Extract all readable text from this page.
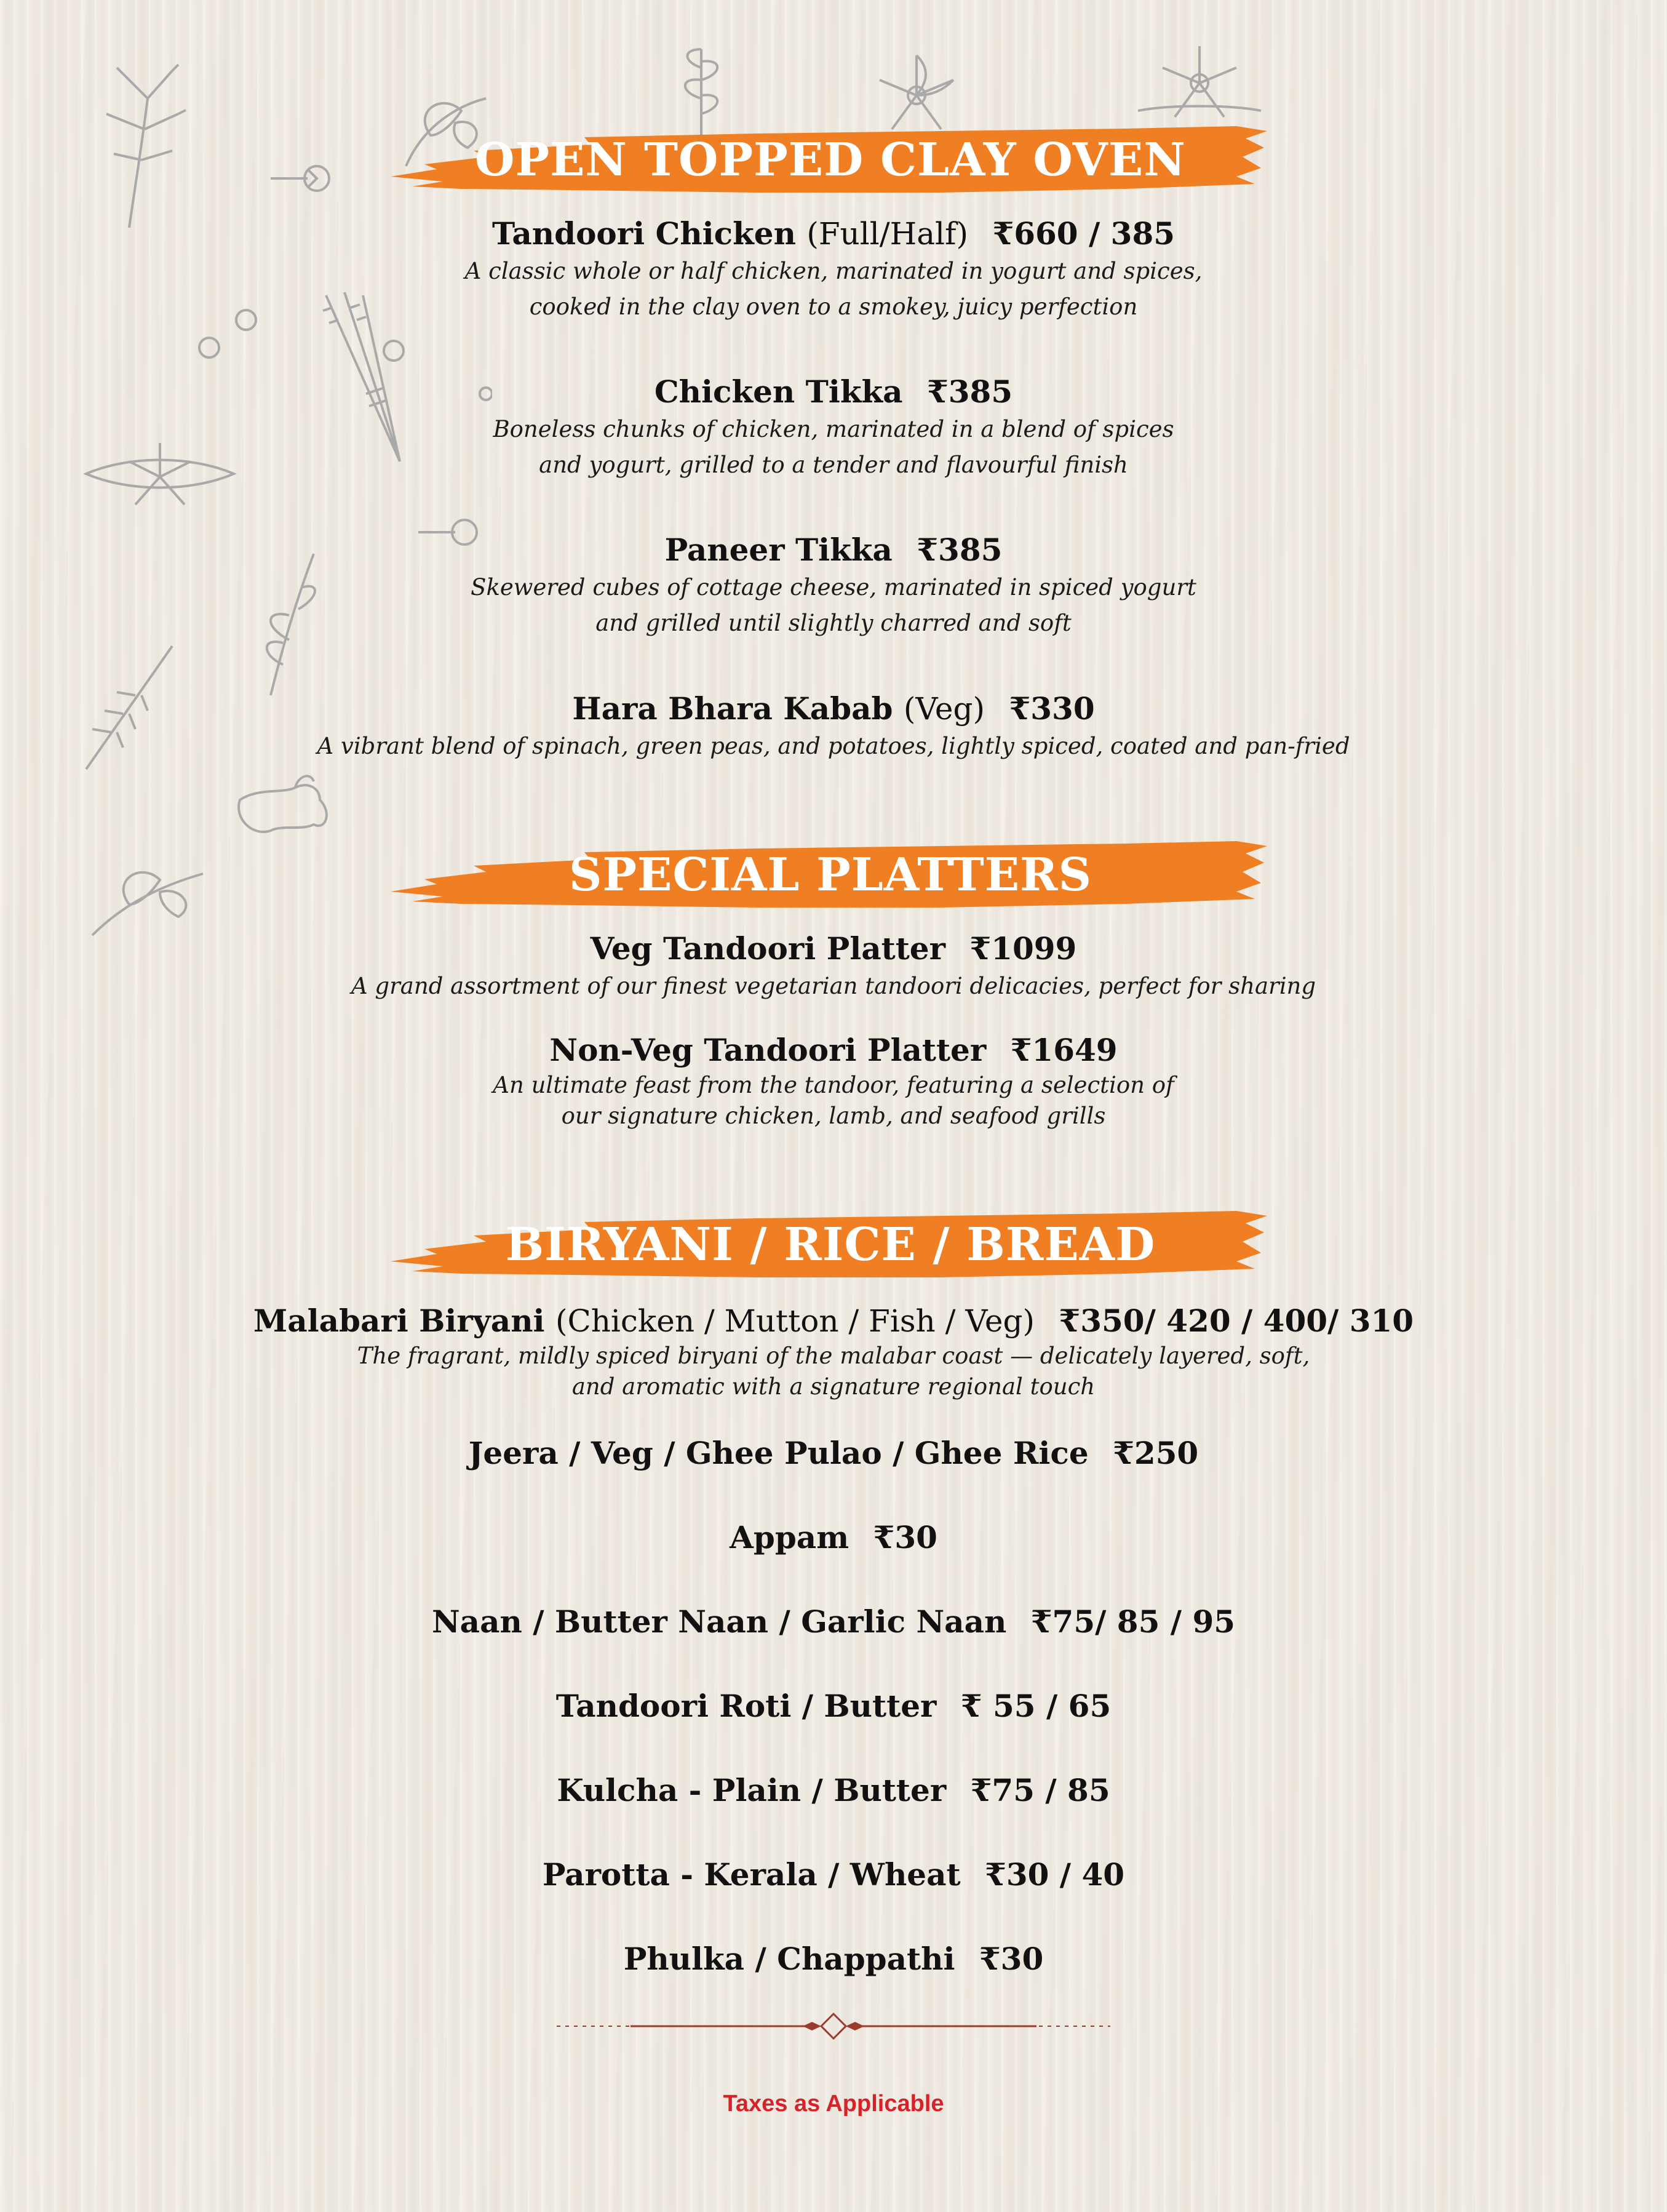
OPEN TOPPED CLAY OVEN
Tandoori Chicken (Full/Half) ₹660 / 385
A classic whole or half chicken, marinated in yogurt and spices,
cooked in the clay oven to a smokey, juicy perfection
Chicken Tikka ₹385
Boneless chunks of chicken, marinated in a blend of spices
and yogurt, grilled to a tender and flavourful finish
Paneer Tikka ₹385
Skewered cubes of cottage cheese, marinated in spiced yogurt
and grilled until slightly charred and soft
Hara Bhara Kabab (Veg) ₹330
A vibrant blend of spinach, green peas, and potatoes, lightly spiced, coated and pan-fried
SPECIAL PLATTERS
Veg Tandoori Platter ₹1099
A grand assortment of our finest vegetarian tandoori delicacies, perfect for sharing
Non-Veg Tandoori Platter ₹1649
An ultimate feast from the tandoor, featuring a selection of
our signature chicken, lamb, and seafood grills
BIRYANI / RICE / BREAD
Malabari Biryani (Chicken / Mutton / Fish / Veg) ₹350/ 420 / 400/ 310
The fragrant, mildly spiced biryani of the malabar coast — delicately layered, soft,
and aromatic with a signature regional touch
Jeera / Veg / Ghee Pulao / Ghee Rice ₹250
Appam ₹30
Naan / Butter Naan / Garlic Naan ₹75/ 85 / 95
Tandoori Roti / Butter ₹ 55 / 65
Kulcha - Plain / Butter ₹75 / 85
Parotta - Kerala / Wheat ₹30 / 40
Phulka / Chappathi ₹30
Taxes as Applicable
